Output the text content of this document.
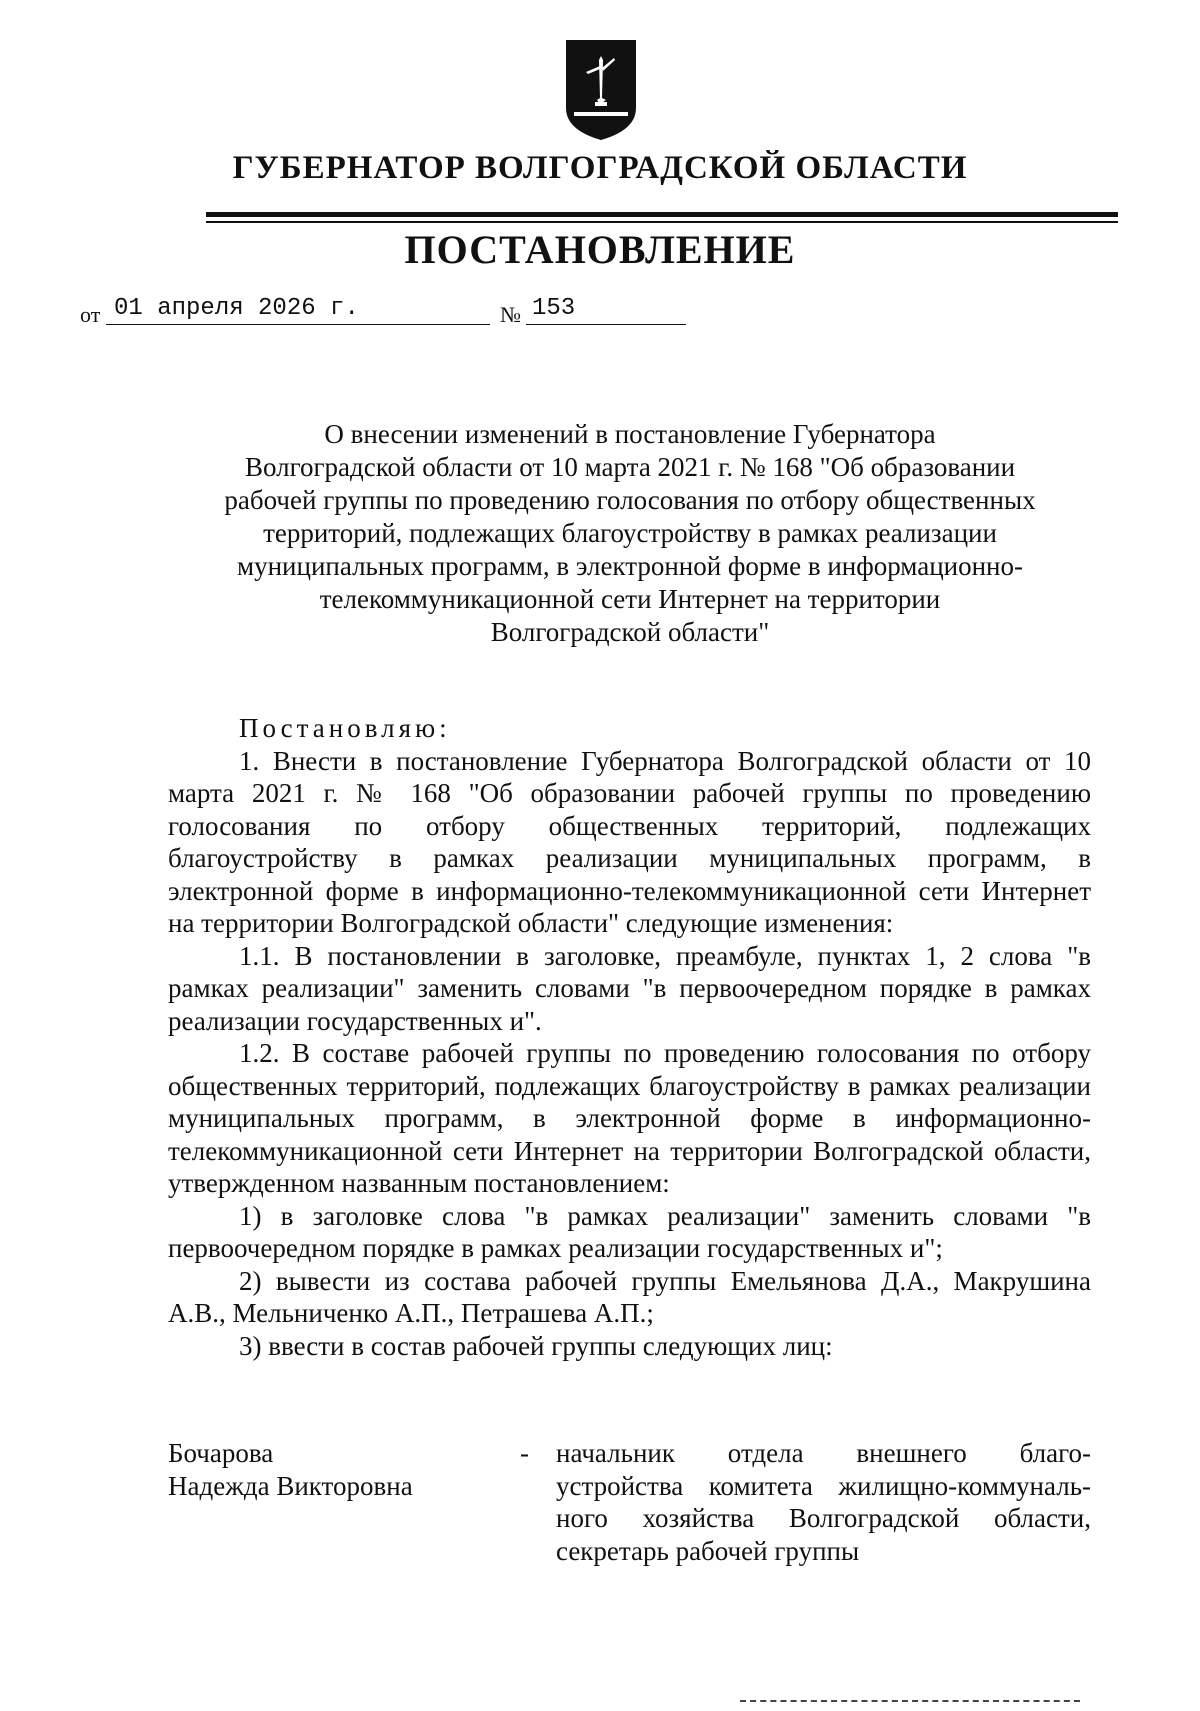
ГУБЕРНАТОР ВОЛГОГРАДСКОЙ ОБЛАСТИ
ПОСТАНОВЛЕНИЕ
от 01 апреля 2026 г.	№ 153
О внесении изменений в постановление Губернатора
Волгоградской области от 10 марта 2021 г. № 168 "Об образовании
рабочей группы по проведению голосования по отбору общественных
территорий, подлежащих благоустройству в рамках реализации
муниципальных программ, в электронной форме в информационно-
телекоммуникационной сети Интернет на территории
Волгоградской области"

Постановляю:

1. Внести в постановление Губернатора Волгоградской области от 10 марта 2021 г. № 168 "Об образовании рабочей группы по проведению голосования по отбору общественных территорий, подлежащих благоустройству в рамках реализации муниципальных программ, в электронной форме в информационно-телекоммуникационной сети Интернет на территории Волгоградской области" следующие изменения:

1.1. В постановлении в заголовке, преамбуле, пунктах 1, 2 слова "в рамках реализации" заменить словами "в первоочередном порядке в рамках реализации государственных и".

1.2. В составе рабочей группы по проведению голосования по отбору общественных территорий, подлежащих благоустройству в рамках реализации муниципальных программ, в электронной форме в информационно-телекоммуникационной сети Интернет на территории Волгоградской области, утвержденном названным постановлением:

1) в заголовке слова "в рамках реализации" заменить словами "в первоочередном порядке в рамках реализации государственных и";

2) вывести из состава рабочей группы Емельянова Д.А., Макрушина А.В., Мельниченко А.П., Петрашева А.П.;

3) ввести в состав рабочей группы следующих лиц:

Бочарова
Надежда Викторовна
- начальник отдела внешнего благо-
устройства комитета жилищно-коммуналь-
ного хозяйства Волгоградской области,
секретарь рабочей группы
